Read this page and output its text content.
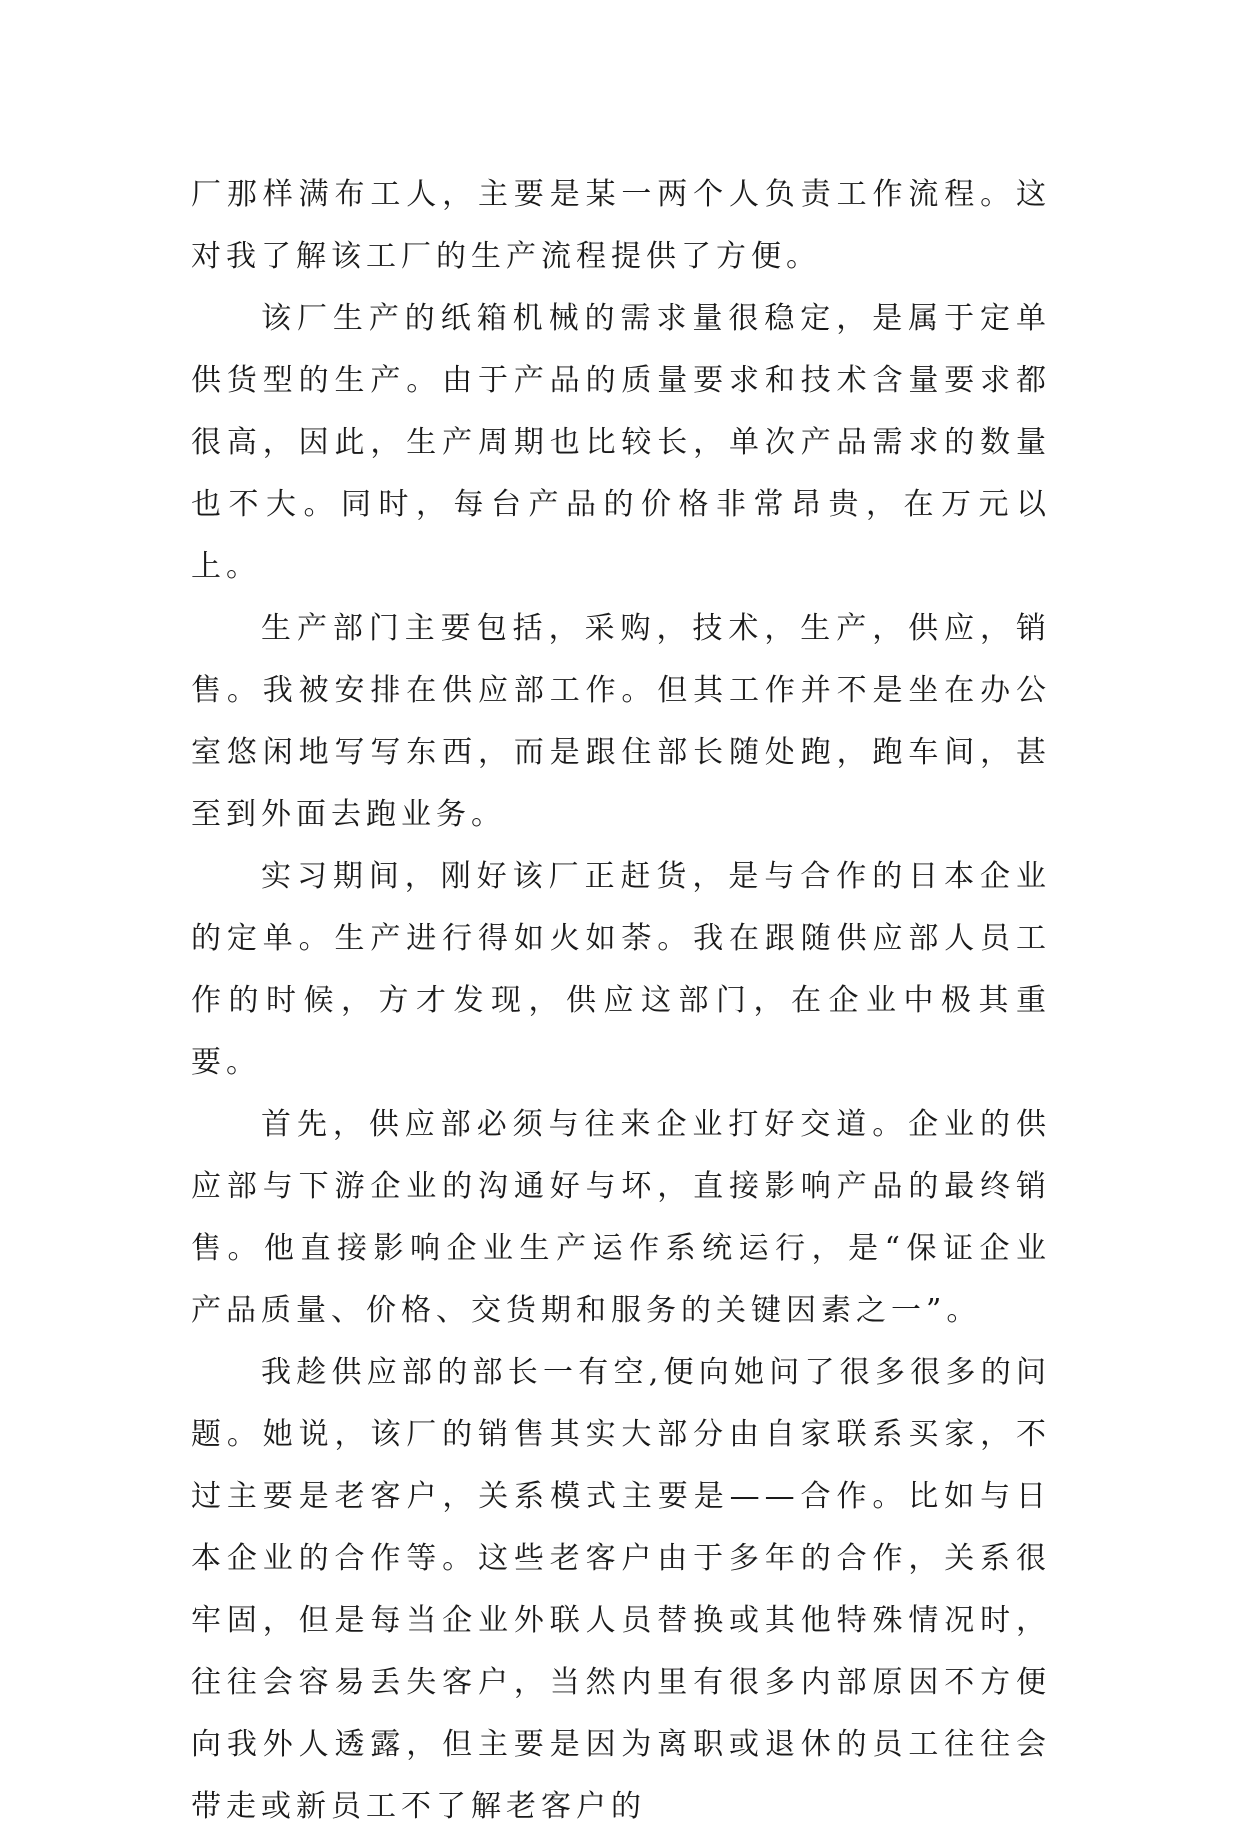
厂那样满布工人，主要是某一两个人负责工作流程。这对我了解该工厂的生产流程提供了方便。

该厂生产的纸箱机械的需求量很稳定，是属于定单供货型的生产。由于产品的质量要求和技术含量要求都很高，因此，生产周期也比较长，单次产品需求的数量也不大。同时，每台产品的价格非常昂贵，在万元以上。

生产部门主要包括，采购，技术，生产，供应，销售。我被安排在供应部工作。但其工作并不是坐在办公室悠闲地写写东西，而是跟住部长随处跑，跑车间，甚至到外面去跑业务。

实习期间，刚好该厂正赶货，是与合作的日本企业的定单。生产进行得如火如荼。我在跟随供应部人员工作的时候，方才发现，供应这部门，在企业中极其重要。

首先，供应部必须与往来企业打好交道。企业的供应部与下游企业的沟通好与坏，直接影响产品的最终销售。他直接影响企业生产运作系统运行，是“保证企业产品质量、价格、交货期和服务的关键因素之一”。

我趁供应部的部长一有空,便向她问了很多很多的问题。她说，该厂的销售其实大部分由自家联系买家，不过主要是老客户，关系模式主要是——合作。比如与日本企业的合作等。这些老客户由于多年的合作，关系很牢固，但是每当企业外联人员替换或其他特殊情况时，往往会容易丢失客户，当然内里有很多内部原因不方便向我外人透露，但主要是因为离职或退休的员工往往会带走或新员工不了解老客户的
